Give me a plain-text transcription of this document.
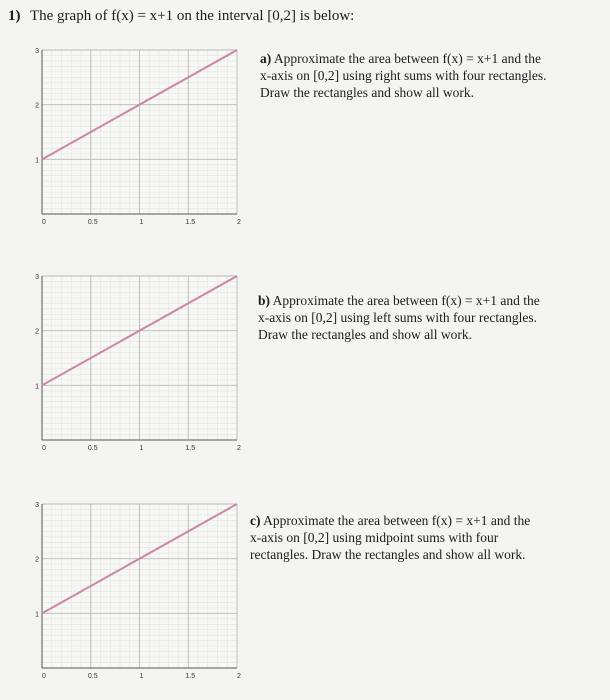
1) The graph of f(x) = x+1 on the interval [0,2] is below:
0	0.5	1	1.5	2
1
2
3
0	0.5	1	1.5	2
1
2
3
0	0.5	1	1.5	2
1
2
3
a) Approximate the area between f(x) = x+1 and the
x-axis on [0,2] using right sums with four rectangles.
Draw the rectangles and show all work.
b) Approximate the area between f(x) = x+1 and the
x-axis on [0,2] using left sums with four rectangles.
Draw the rectangles and show all work.
c) Approximate the area between f(x) = x+1 and the
x-axis on [0,2] using midpoint sums with four
rectangles. Draw the rectangles and show all work.
